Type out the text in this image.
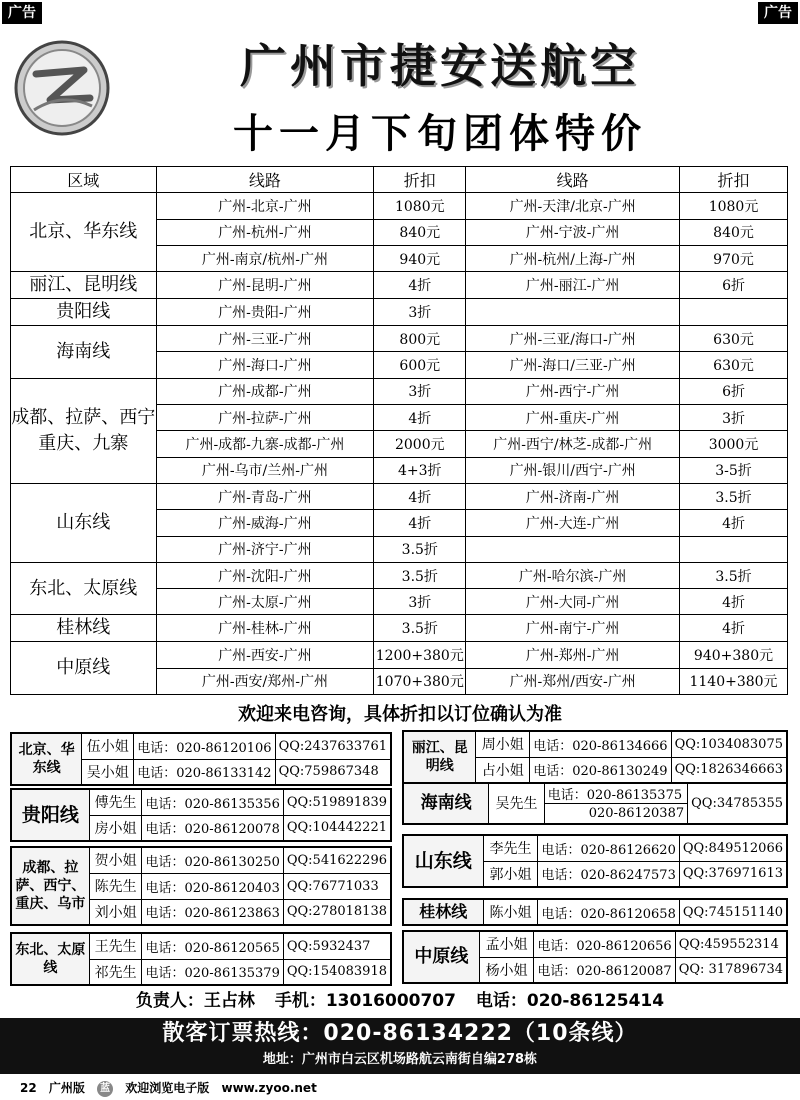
广告	广告
广州市捷安送航空
十一月下旬团体特价
区域	线路	折扣	线路	折扣
北京、华东线	广州-北京-广州	1080元	广州-天津/北京-广州	1080元
	广州-杭州-广州	840元	广州-宁波-广州	840元
	广州-南京/杭州-广州	940元	广州-杭州/上海-广州	970元
丽江、昆明线	广州-昆明-广州	4折	广州-丽江-广州	6折
贵阳线	广州-贵阳-广州	3折		
海南线	广州-三亚-广州	800元	广州-三亚/海口-广州	630元
	广州-海口-广州	600元	广州-海口/三亚-广州	630元
成都、拉萨、西宁重庆、九寨	广州-成都-广州	3折	广州-西宁-广州	6折
	广州-拉萨-广州	4折	广州-重庆-广州	3折
	广州-成都-九寨-成都-广州	2000元	广州-西宁/林芝-成都-广州	3000元
	广州-乌市/兰州-广州	4+3折	广州-银川/西宁-广州	3-5折
山东线	广州-青岛-广州	4折	广州-济南-广州	3.5折
	广州-威海-广州	4折	广州-大连-广州	4折
	广州-济宁-广州	3.5折		
东北、太原线	广州-沈阳-广州	3.5折	广州-哈尔滨-广州	3.5折
	广州-太原-广州	3折	广州-大同-广州	4折
桂林线	广州-桂林-广州	3.5折	广州-南宁-广州	4折
中原线	广州-西安-广州	1200+380元	广州-郑州-广州	940+380元
	广州-西安/郑州-广州	1070+380元	广州-郑州/西安-广州	1140+380元
欢迎来电咨询，具体折扣以订位确认为准
北京、华东线	伍小姐	电话：020-86120106	QQ:2437633761
	吴小姐	电话：020-86133142	QQ:759867348
贵阳线	傅先生	电话：020-86135356	QQ:519891839
	房小姐	电话：020-86120078	QQ:104442221
成都、拉萨、西宁、重庆、乌市	贺小姐	电话：020-86130250	QQ:541622296
	陈先生	电话：020-86120403	QQ:76771033
	刘小姐	电话：020-86123863	QQ:278018138
东北、太原线	王先生	电话：020-86120565	QQ:5932437
	祁先生	电话：020-86135379	QQ:154083918
丽江、昆明线	周小姐	电话：020-86134666	QQ:1034083075
	占小姐	电话：020-86130249	QQ:1826346663
海南线	吴先生	电话：020-86135375	QQ:34785355
020-86120387
山东线	李先生	电话：020-86126620	QQ:849512066
	郭小姐	电话：020-86247573	QQ:376971613
桂林线	陈小姐	电话：020-86120658	QQ:745151140
中原线	孟小姐	电话：020-86120656	QQ:459552314
	杨小姐	电话：020-86120087	QQ: 317896734
负责人：王占林 手机：13016000707 电话：020-86125414
散客订票热线：020-86134222（10条线）
地址：广州市白云区机场路航云南街自编278栋
22 广州版 蓝 欢迎浏览电子版 www.zyoo.net
